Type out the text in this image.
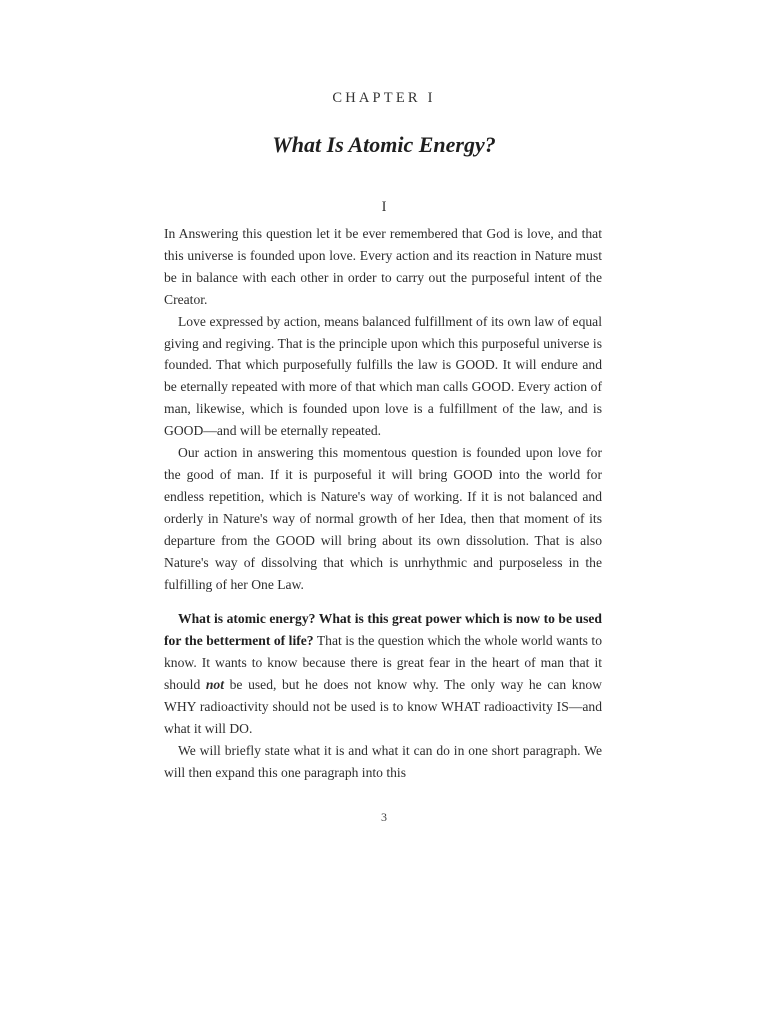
CHAPTER I
What Is Atomic Energy?
I

In Answering this question let it be ever remembered that God is love, and that this universe is founded upon love. Every action and its reaction in Nature must be in balance with each other in order to carry out the purposeful intent of the Creator.

Love expressed by action, means balanced fulfillment of its own law of equal giving and regiving. That is the principle upon which this purposeful universe is founded. That which purposefully fulfills the law is GOOD. It will endure and be eternally repeated with more of that which man calls GOOD. Every action of man, likewise, which is founded upon love is a fulfillment of the law, and is GOOD—and will be eternally repeated.

Our action in answering this momentous question is founded upon love for the good of man. If it is purposeful it will bring GOOD into the world for endless repetition, which is Nature's way of working. If it is not balanced and orderly in Nature's way of normal growth of her Idea, then that moment of its departure from the GOOD will bring about its own dissolution. That is also Nature's way of dissolving that which is unrhythmic and purposeless in the fulfilling of her One Law.

What is atomic energy? What is this great power which is now to be used for the betterment of life? That is the question which the whole world wants to know. It wants to know because there is great fear in the heart of man that it should not be used, but he does not know why. The only way he can know WHY radioactivity should not be used is to know WHAT radioactivity IS—and what it will DO.

We will briefly state what it is and what it can do in one short paragraph. We will then expand this one paragraph into this

3
